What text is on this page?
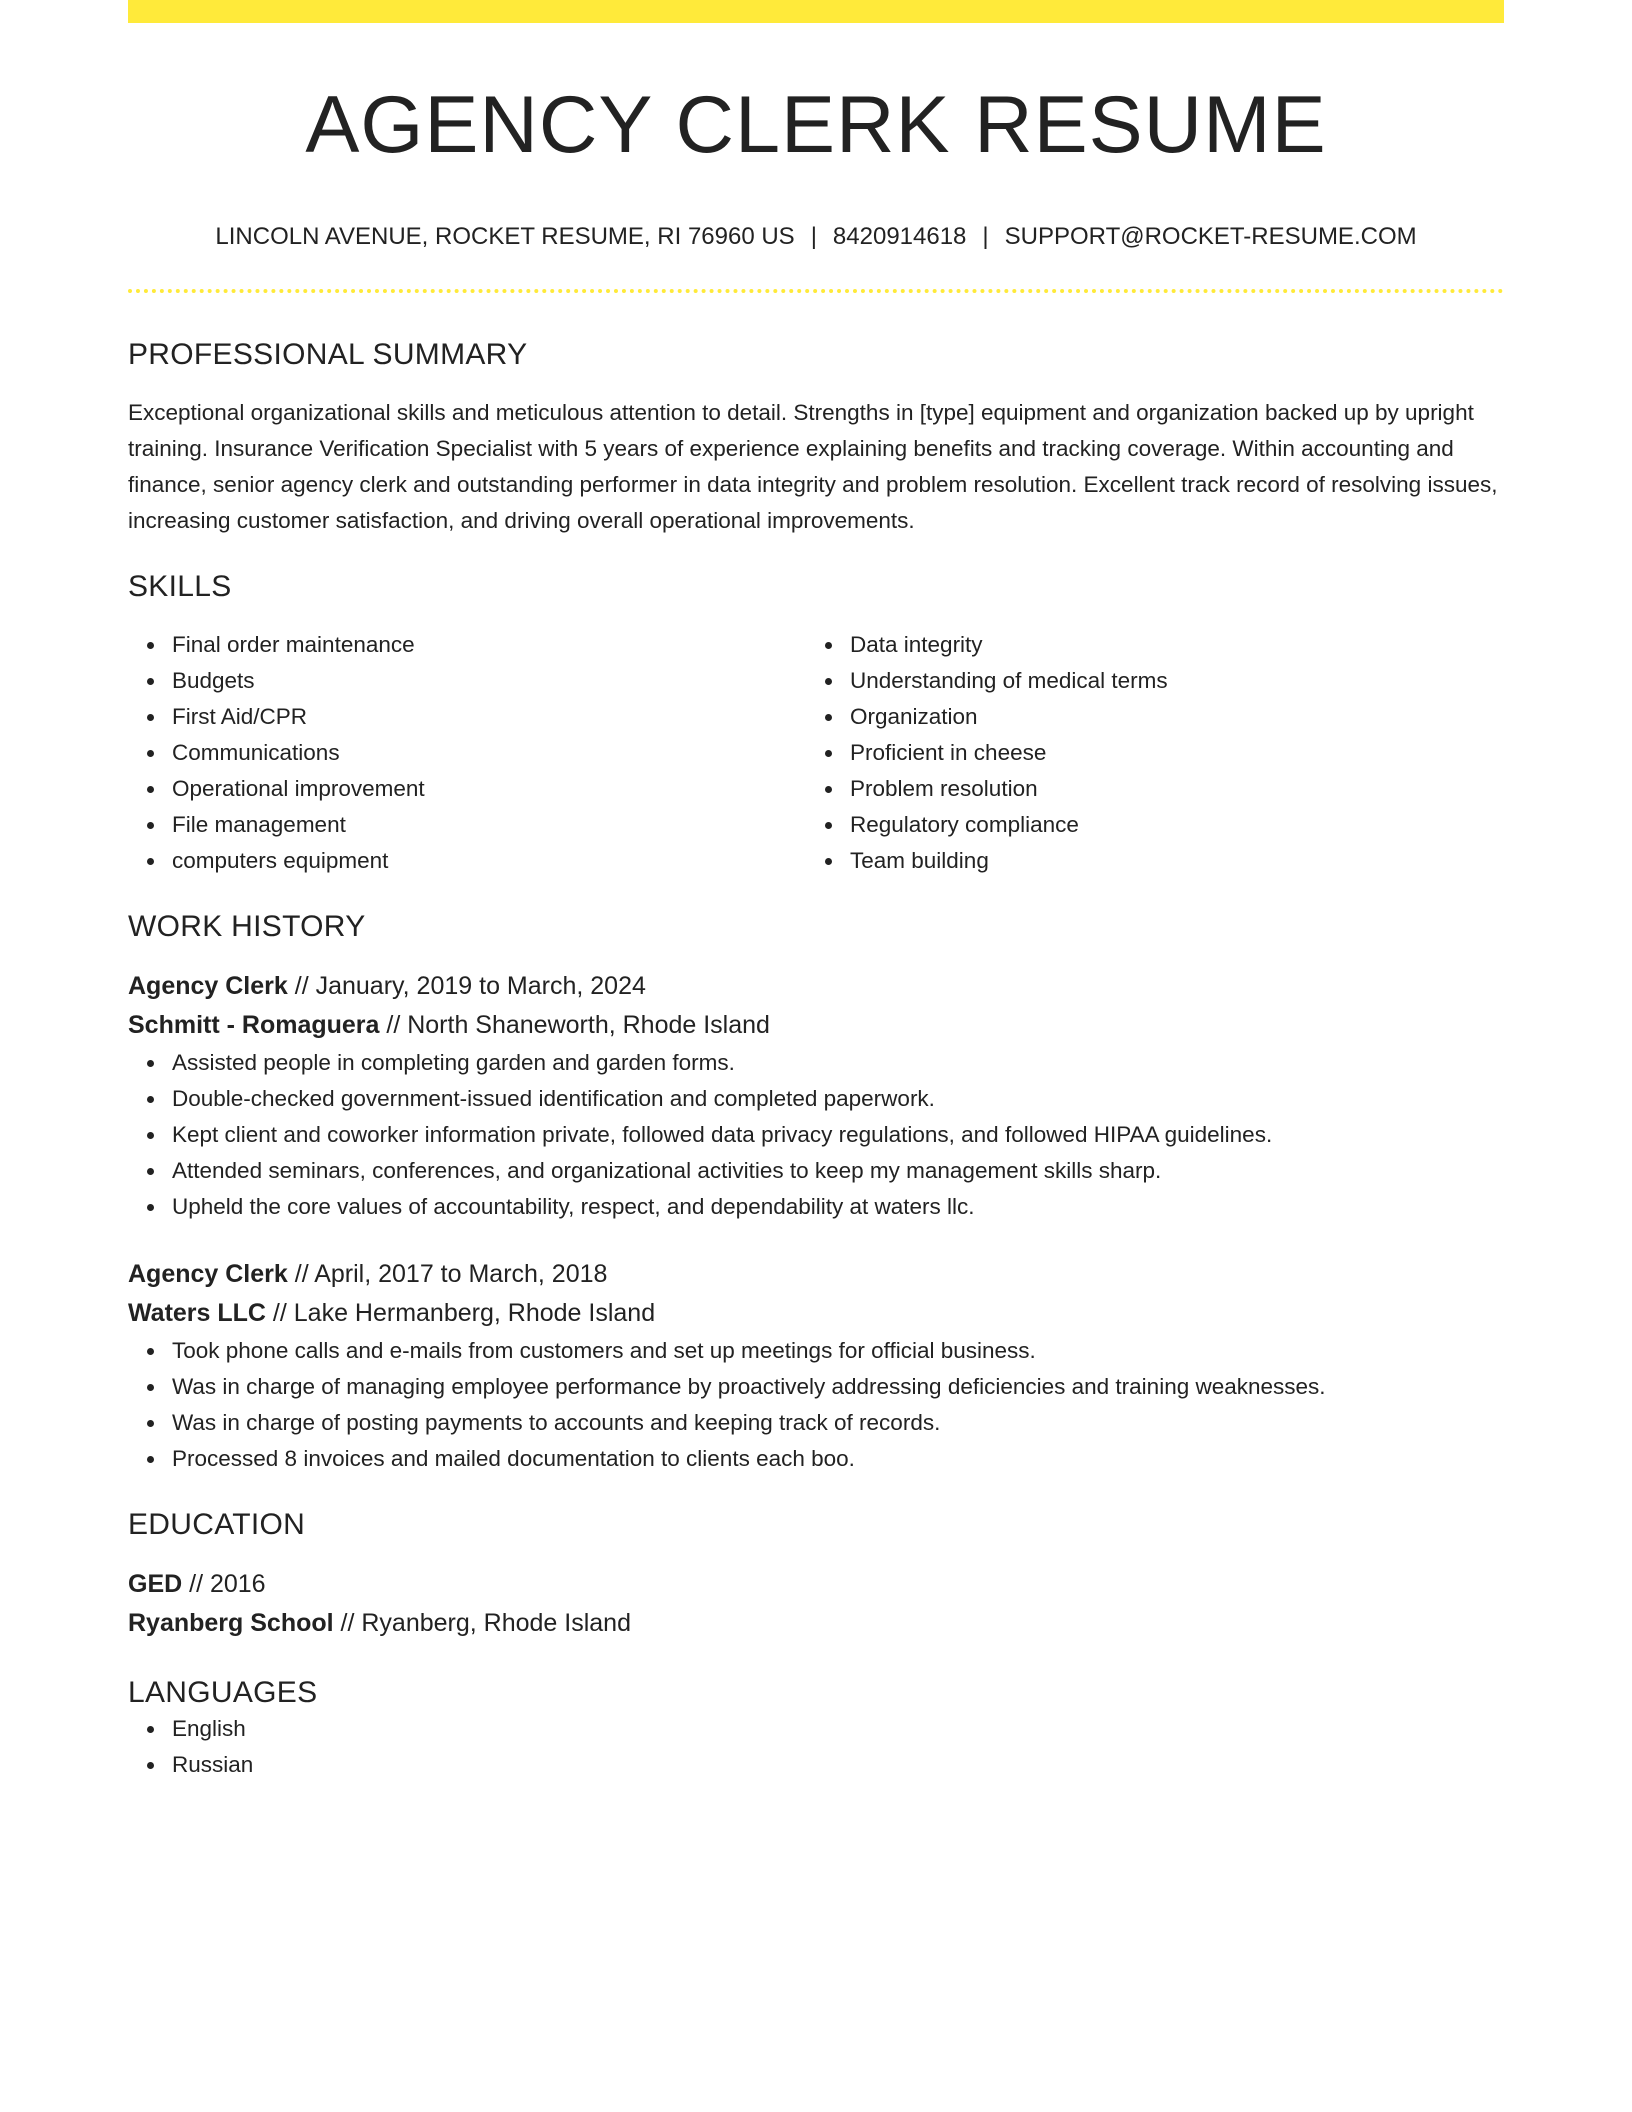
AGENCY CLERK RESUME
LINCOLN AVENUE, ROCKET RESUME, RI 76960 US | 8420914618 | SUPPORT@ROCKET-RESUME.COM
PROFESSIONAL SUMMARY

Exceptional organizational skills and meticulous attention to detail. Strengths in [type] equipment and organization backed up by upright training. Insurance Verification Specialist with 5 years of experience explaining benefits and tracking coverage. Within accounting and finance, senior agency clerk and outstanding performer in data integrity and problem resolution. Excellent track record of resolving issues, increasing customer satisfaction, and driving overall operational improvements.

SKILLS
Final order maintenance
Budgets
First Aid/CPR
Communications
Operational improvement
File management
computers equipment
Data integrity
Understanding of medical terms
Organization
Proficient in cheese
Problem resolution
Regulatory compliance
Team building
WORK HISTORY
Agency Clerk // January, 2019 to March, 2024
Schmitt - Romaguera // North Shaneworth, Rhode Island
Assisted people in completing garden and garden forms.
Double-checked government-issued identification and completed paperwork.
Kept client and coworker information private, followed data privacy regulations, and followed HIPAA guidelines.
Attended seminars, conferences, and organizational activities to keep my management skills sharp.
Upheld the core values of accountability, respect, and dependability at waters llc.
Agency Clerk // April, 2017 to March, 2018
Waters LLC // Lake Hermanberg, Rhode Island
Took phone calls and e-mails from customers and set up meetings for official business.
Was in charge of managing employee performance by proactively addressing deficiencies and training weaknesses.
Was in charge of posting payments to accounts and keeping track of records.
Processed 8 invoices and mailed documentation to clients each boo.
EDUCATION
GED // 2016
Ryanberg School // Ryanberg, Rhode Island
LANGUAGES
English
Russian
